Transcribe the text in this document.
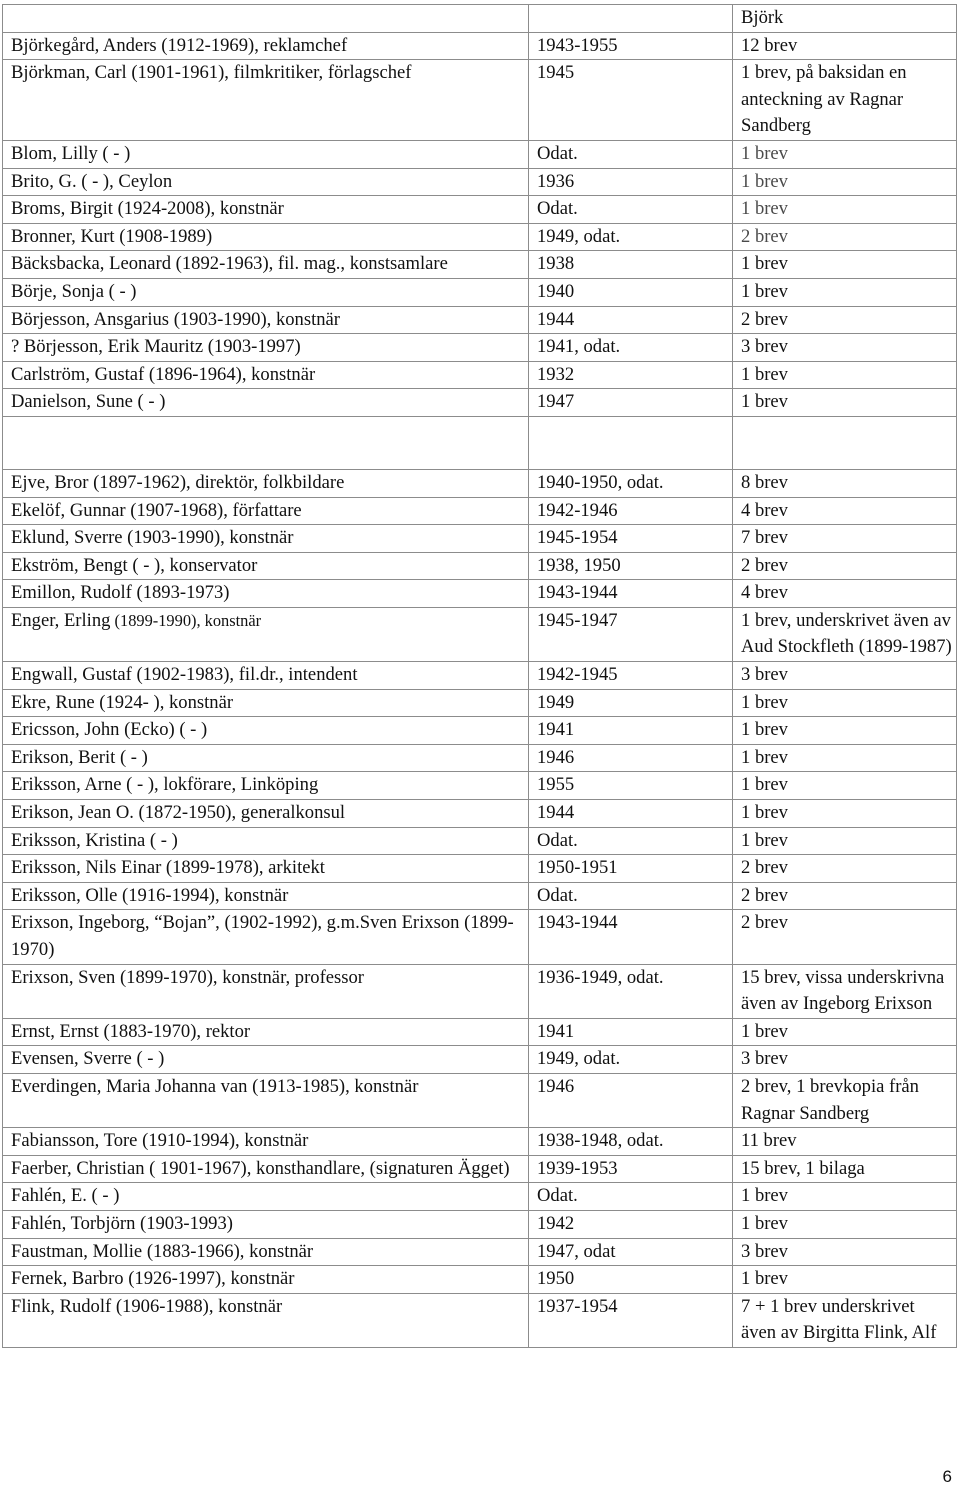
		Björk
Björkegård, Anders (1912-1969), reklamchef	1943-1955	12 brev
Björkman, Carl (1901-1961), filmkritiker, förlagschef	1945	1 brev, på baksidan en anteckning av Ragnar Sandberg
Blom, Lilly ( - )	Odat.	1 brev
Brito, G. ( - ), Ceylon	1936	1 brev
Broms, Birgit (1924-2008), konstnär	Odat.	1 brev
Bronner, Kurt (1908-1989)	1949, odat.	2 brev
Bäcksbacka, Leonard (1892-1963), fil. mag., konstsamlare	1938	1 brev
Börje, Sonja ( - )	1940	1 brev
Börjesson, Ansgarius (1903-1990), konstnär	1944	2 brev
? Börjesson, Erik Mauritz (1903-1997)	1941, odat.	3 brev
Carlström, Gustaf (1896-1964), konstnär	1932	1 brev
Danielson, Sune ( - )	1947	1 brev

Ejve, Bror (1897-1962), direktör, folkbildare	1940-1950, odat.	8 brev
Ekelöf, Gunnar (1907-1968), författare	1942-1946	4 brev
Eklund, Sverre (1903-1990), konstnär	1945-1954	7 brev
Ekström, Bengt ( - ), konservator	1938, 1950	2 brev
Emillon, Rudolf (1893-1973)	1943-1944	4 brev
Enger, Erling (1899-1990), konstnär	1945-1947	1 brev, underskrivet även av Aud Stockfleth (1899-1987)
Engwall, Gustaf (1902-1983), fil.dr., intendent	1942-1945	3 brev
Ekre, Rune (1924- ), konstnär	1949	1 brev
Ericsson, John (Ecko) ( - )	1941	1 brev
Erikson, Berit ( - )	1946	1 brev
Eriksson, Arne ( - ), lokförare, Linköping	1955	1 brev
Erikson, Jean O. (1872-1950), generalkonsul	1944	1 brev
Eriksson, Kristina ( - )	Odat.	1 brev
Eriksson, Nils Einar (1899-1978), arkitekt	1950-1951	2 brev
Eriksson, Olle (1916-1994), konstnär	Odat.	2 brev
Erixson, Ingeborg, “Bojan”, (1902-1992), g.m.Sven Erixson (1899-1970)	1943-1944	2 brev
Erixson, Sven (1899-1970), konstnär, professor	1936-1949, odat.	15 brev, vissa underskrivna även av Ingeborg Erixson
Ernst, Ernst (1883-1970), rektor	1941	1 brev
Evensen, Sverre ( - )	1949, odat.	3 brev
Everdingen, Maria Johanna van (1913-1985), konstnär	1946	2 brev, 1 brevkopia från Ragnar Sandberg
Fabiansson, Tore (1910-1994), konstnär	1938-1948, odat.	11 brev
Faerber, Christian ( 1901-1967), konsthandlare, (signaturen Ägget)	1939-1953	15 brev, 1 bilaga
Fahlén, E. ( - )	Odat.	1 brev
Fahlén, Torbjörn (1903-1993)	1942	1 brev
Faustman, Mollie (1883-1966), konstnär	1947, odat	3 brev
Fernek, Barbro (1926-1997), konstnär	1950	1 brev
Flink, Rudolf (1906-1988), konstnär	1937-1954	7 + 1 brev underskrivet även av Birgitta Flink, Alf
6
